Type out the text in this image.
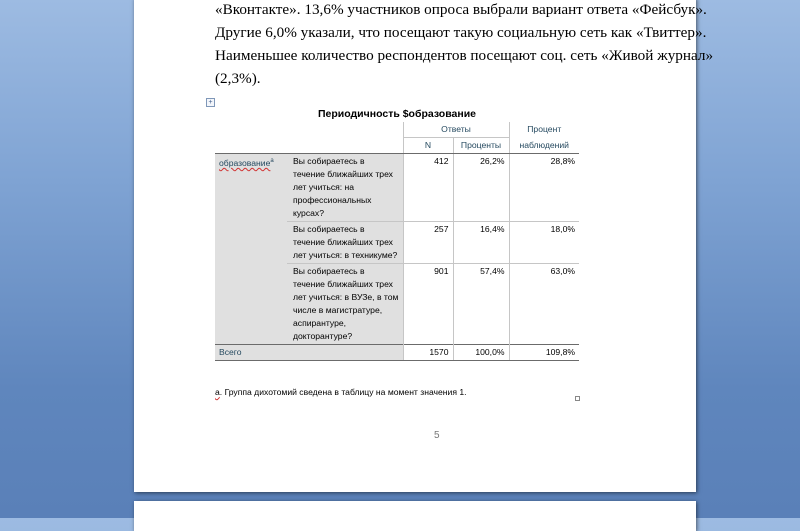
«Вконтакте». 13,6% участников опроса выбрали вариант ответа «Фейсбук».
Другие 6,0% указали, что посещают такую социальную сеть как «Твиттер».
Наименьшее количество респондентов посещают соц. сеть «Живой журнал»
(2,3%).
+
Периодичность $образование
		Ответы		Процент
		N	Проценты	наблюдений
образование$^a$	Вы собираетесь в течение ближайших трех лет учиться: на профессиональных курсах?	412	26,2%	28,8%
	Вы собираетесь в течение ближайших трех лет учиться: в техникуме?	257	16,4%	18,0%
	Вы собираетесь в течение ближайших трех лет учиться: в ВУЗе, в том числе в магистратуре, аспирантуре, докторантуре?	901	57,4%	63,0%
Всего		1570	100,0%	109,8%
a. Группа дихотомий сведена в таблицу на момент значения 1.
5
